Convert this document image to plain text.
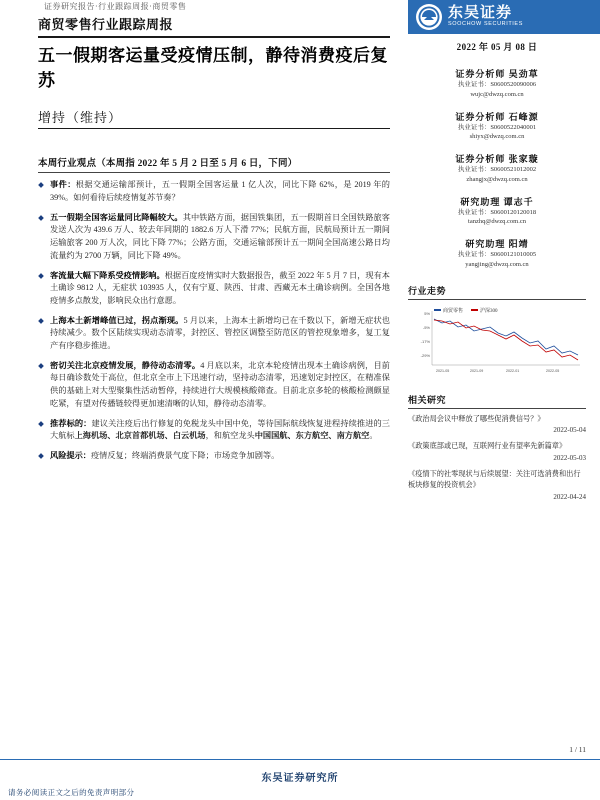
证券研究报告·行业跟踪周报·商贸零售	东吴证券
SOOCHOW SECURITIES
商贸零售行业跟踪周报
五一假期客运量受疫情压制，静待消费疫后复苏
增持（维持）
本周行业观点（本周指 2022 年 5 月 2 日至 5 月 6 日，下同）
事件：根据交通运输部预计，五一假期全国客运量 1 亿人次，同比下降 62%，是 2019 年的 39%。如何看待后续疫情复苏节奏？
五一假期全国客运量同比降幅较大。其中铁路方面，据国铁集团，五一假期首日全国铁路旅客发送人次为 439.6 万人、较去年同期的 1882.6 万人下滑 77%；民航方面，民航局预计五一期间运输旅客 200 万人次，同比下降 77%；公路方面，交通运输部预计五一期间全国高速公路日均流量约为 2700 万辆，同比下降 49%。
客流量大幅下降系受疫情影响。根据百度疫情实时大数据报告，截至 2022 年 5 月 7 日，现有本土确诊 9812 人，无症状 103935 人，仅有宁夏、陕西、甘肃、西藏无本土确诊病例。全国各地疫情多点散发，影响民众出行意愿。
上海本土新增峰值已过，拐点渐现。5 月以来，上海本土新增均已在千数以下，新增无症状也持续减少。数个区陆续实现动态清零，封控区、管控区调整至防范区的管控现象增多，复工复产有序稳步推进。
密切关注北京疫情发展，静待动态清零。4 月底以来，北京本轮疫情出现本土确诊病例，目前每日确诊数处于高位，但北京全市上下迅速行动，坚持动态清零，迅速划定封控区，在精准保供的基础上对大型聚集性活动暂停，持续进行大规模核酸筛查。目前北京多轮的核酸检测颇显吃紧，有望对传播链较得更加速清晰的认知，静待动态清零。
推荐标的：建议关注疫后出行修复的免税龙头中国中免，等待国际航线恢复进程持续推进的三大航标上海机场、北京首都机场、白云机场，和航空龙头中国国航、东方航空、南方航空。
风险提示：疫情反复；终端消费景气度下降；市场竞争加剧等。
2022 年 05 月 08 日
证券分析师 吴劲草
执业证书：S0600520090006
wujc@dwzq.com.cn
证券分析师 石峰源
执业证书：S0600522040001
shiyx@dwzq.com.cn
证券分析师 张家璇
执业证书：S0600521012002
zhangjx@dwzq.com.cn
研究助理 谭志千
执业证书：S0600120120018
tanzhq@dwzq.com.cn
研究助理 阳靖
执业证书：S0600121010005
yangjing@dwzq.com.cn
行业走势
商贸零售	沪深300
5%
-5%
-17%
-29%
2021-05	2021-09	2022-01	2022-05
相关研究
《政治局会议中释放了哪些促消费信号？》
2022-05-04
《政策底部或已现，互联网行业有望率先新篇章》
2022-05-03
《疫情下的社零现状与后续展望：关注可选消费和出行板块修复的投资机会》
2022-04-24
1 / 11
东吴证券研究所
请务必阅读正文之后的免责声明部分
